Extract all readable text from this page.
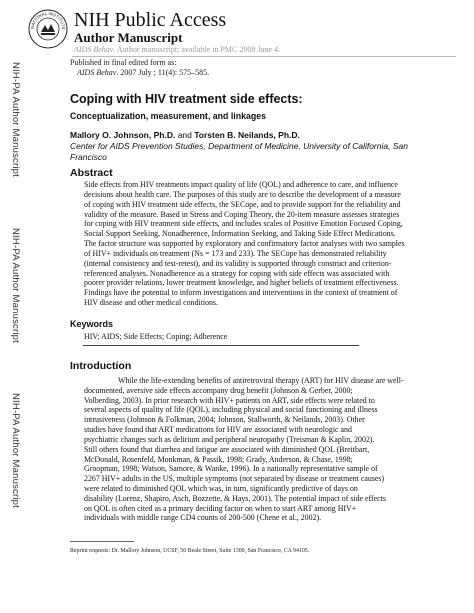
NATIONAL INSTITUTE NIH Public Access
Author Manuscript
AIDS Behav. Author manuscript; available in PMC 2008 June 4.
Published in final edited form as:
AIDS Behav. 2007 July ; 11(4): 575–585.
NIH-PA Author Manuscript
NIH-PA Author Manuscript
NIH-PA Author Manuscript
Coping with HIV treatment side effects:
Conceptualization, measurement, and linkages
Mallory O. Johnson, Ph.D. and Torsten B. Neilands, Ph.D.
Center for AIDS Prevention Studies, Department of Medicine, University of California, San Francisco
Abstract
Side effects from HIV treatments impact quality of life (QOL) and adherence to care, and influence
decisions about health care. The purposes of this study are to describe the development of a measure
of coping with HIV treatment side effects, the SECope, and to provide support for the reliability and
validity of the measure. Based in Stress and Coping Theory, the 20-item measure assesses strategies
for coping with HIV treatment side effects, and includes scales of Positive Emotion Focused Coping,
Social Support Seeking, Nonadherence, Information Seeking, and Taking Side Effect Medications.
The factor structure was supported by exploratory and confirmatory factor analyses with two samples
of HIV+ individuals on treatment (Ns = 173 and 233). The SECope has demonstrated reliability
(internal consistency and test-retest), and its validity is supported through construct and criterion-
referenced analyses. Nonadherence as a strategy for coping with side effects was associated with
poorer provider relations, lower treatment knowledge, and higher beliefs of treatment effectiveness.
Findings have the potential to inform investigations and interventions in the context of treatment of
HIV disease and other medical conditions.
Keywords
HIV; AIDS; Side Effects; Coping; Adherence
Introduction
While the life-extending benefits of antiretroviral therapy (ART) for HIV disease are well-
documented, aversive side effects accompany drug benefit (Johnson & Gerber, 2000;
Volberding, 2003). In prior research with HIV+ patients on ART, side effects were related to
several aspects of quality of life (QOL), including physical and social functioning and illness
intrusiveness (Johnson & Folkman, 2004; Johnson, Stallworth, & Neilands, 2003). Other
studies have found that ART medications for HIV are associated with neurologic and
psychiatric changes such as delirium and peripheral neuropathy (Treisman & Kaplin, 2002).
Still others found that diarrhea and fatigue are associated with diminished QOL (Breitbart,
McDonald, Rosenfeld, Monkman, & Passik, 1998; Grady, Anderson, & Chase, 1998;
Groopman, 1998; Watson, Samore, & Wanke, 1996). In a nationally representative sample of
2267 HIV+ adults in the US, multiple symptoms (not separated by disease or treatment causes)
were related to diminished QOL which was, in turn, significantly predictive of days on
disability (Lorenz, Shapiro, Asch, Bozzette, & Hays, 2001). The potential impact of side effects
on QOL is often cited as a primary deciding factor on when to start ART among HIV+
individuals with middle range CD4 counts of 200-500 (Chene et al., 2002).
Reprint requests: Dr. Mallory Johnson, UCSF, 50 Beale Street, Suite 1300, San Francisco, CA 94105.
